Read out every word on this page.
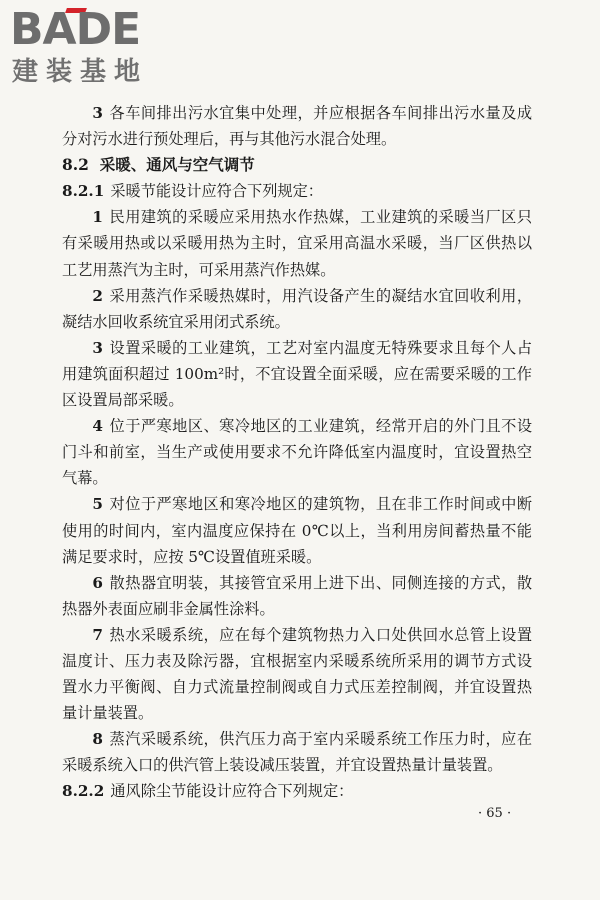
BADE
建装基地

3 各车间排出污水宜集中处理，并应根据各车间排出污水量及成分对污水进行预处理后，再与其他污水混合处理。

8.2 采暖、通风与空气调节

8.2.1 采暖节能设计应符合下列规定：

1 民用建筑的采暖应采用热水作热媒，工业建筑的采暖当厂区只有采暖用热或以采暖用热为主时，宜采用高温水采暖，当厂区供热以工艺用蒸汽为主时，可采用蒸汽作热媒。

2 采用蒸汽作采暖热媒时，用汽设备产生的凝结水宜回收利用，凝结水回收系统宜采用闭式系统。

3 设置采暖的工业建筑，工艺对室内温度无特殊要求且每个人占用建筑面积超过 100m²时，不宜设置全面采暖，应在需要采暖的工作区设置局部采暖。

4 位于严寒地区、寒冷地区的工业建筑，经常开启的外门且不设门斗和前室，当生产或使用要求不允许降低室内温度时，宜设置热空气幕。

5 对位于严寒地区和寒冷地区的建筑物，且在非工作时间或中断使用的时间内，室内温度应保持在 0℃以上，当利用房间蓄热量不能满足要求时，应按 5℃设置值班采暖。

6 散热器宜明装，其接管宜采用上进下出、同侧连接的方式，散热器外表面应刷非金属性涂料。

7 热水采暖系统，应在每个建筑物热力入口处供回水总管上设置温度计、压力表及除污器，宜根据室内采暖系统所采用的调节方式设置水力平衡阀、自力式流量控制阀或自力式压差控制阀，并宜设置热量计量装置。

8 蒸汽采暖系统，供汽压力高于室内采暖系统工作压力时，应在采暖系统入口的供汽管上装设减压装置，并宜设置热量计量装置。

8.2.2 通风除尘节能设计应符合下列规定：

· 65 ·
